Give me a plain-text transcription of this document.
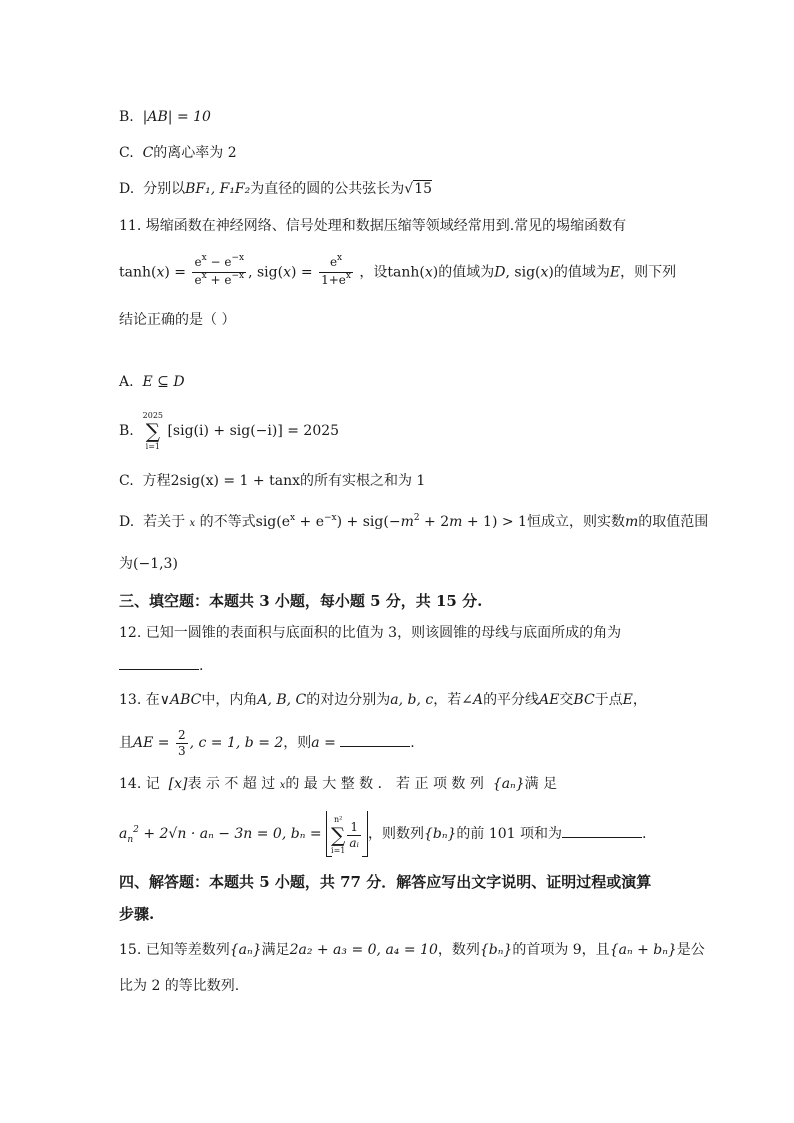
B. |AB| = 10
C. C的离心率为 2
D. 分别以BF₁, F₁F₂为直径的圆的公共弦长为√15
11. 埸缩函数在神经网络、信号处理和数据压缩等领域经常用到.常见的埸缩函数有
$\tanh(x) = \frac{e^x - e^{-x}}{e^x + e^{-x}}$ , $sig(x) = \frac{e^x}{1+e^x}$ ，设tanh(x)的值域为D, sig(x)的值域为E，则下列
结论正确的是（ ）
A. E ⊆ D
B.
2025
∑
i=1
[sig(i) + sig(−i)] = 2025
C. 方程2sig(x) = 1 + tanx的所有实根之和为 1
D. 若关于 x 的不等式$sig(e^x + e^{-x}) + sig(-m^2 + 2m + 1) > 1$恒成立，则实数m的取值范围
为(−1,3)
三、填空题：本题共 3 小题，每小题 5 分，共 15 分.
12. 已知一圆锥的表面积与底面积的比值为 3，则该圆锥的母线与底面所成的角为
.
13. 在∨ABC中，内角A, B, C的对边分别为a, b, c，若∠A的平分线AE交BC于点E，
且AE = $\frac{2}{3}$ , c = 1, b = 2，则a =	.
14. 记 [x]表 示 不 超 过 x的 最 大 整 数 ． 若 正 项 数 列 {aₙ}满 足
$a_n^2 + 2√n \cdot a_n - 3n = 0$, bₙ =
n²
∑
$i=1 \frac{1}{\text{aᵢ}}$ ，则数列{bₙ}的前 101 项和为	.
四、解答题：本题共 5 小题，共 77 分．解答应写出文字说明、证明过程或演算
步骤.
15. 已知等差数列{aₙ}满足2a₂ + a₃ = 0, a₄ = 10，数列{bₙ}的首项为 9，且{aₙ + bₙ}是公
比为 2 的等比数列.
